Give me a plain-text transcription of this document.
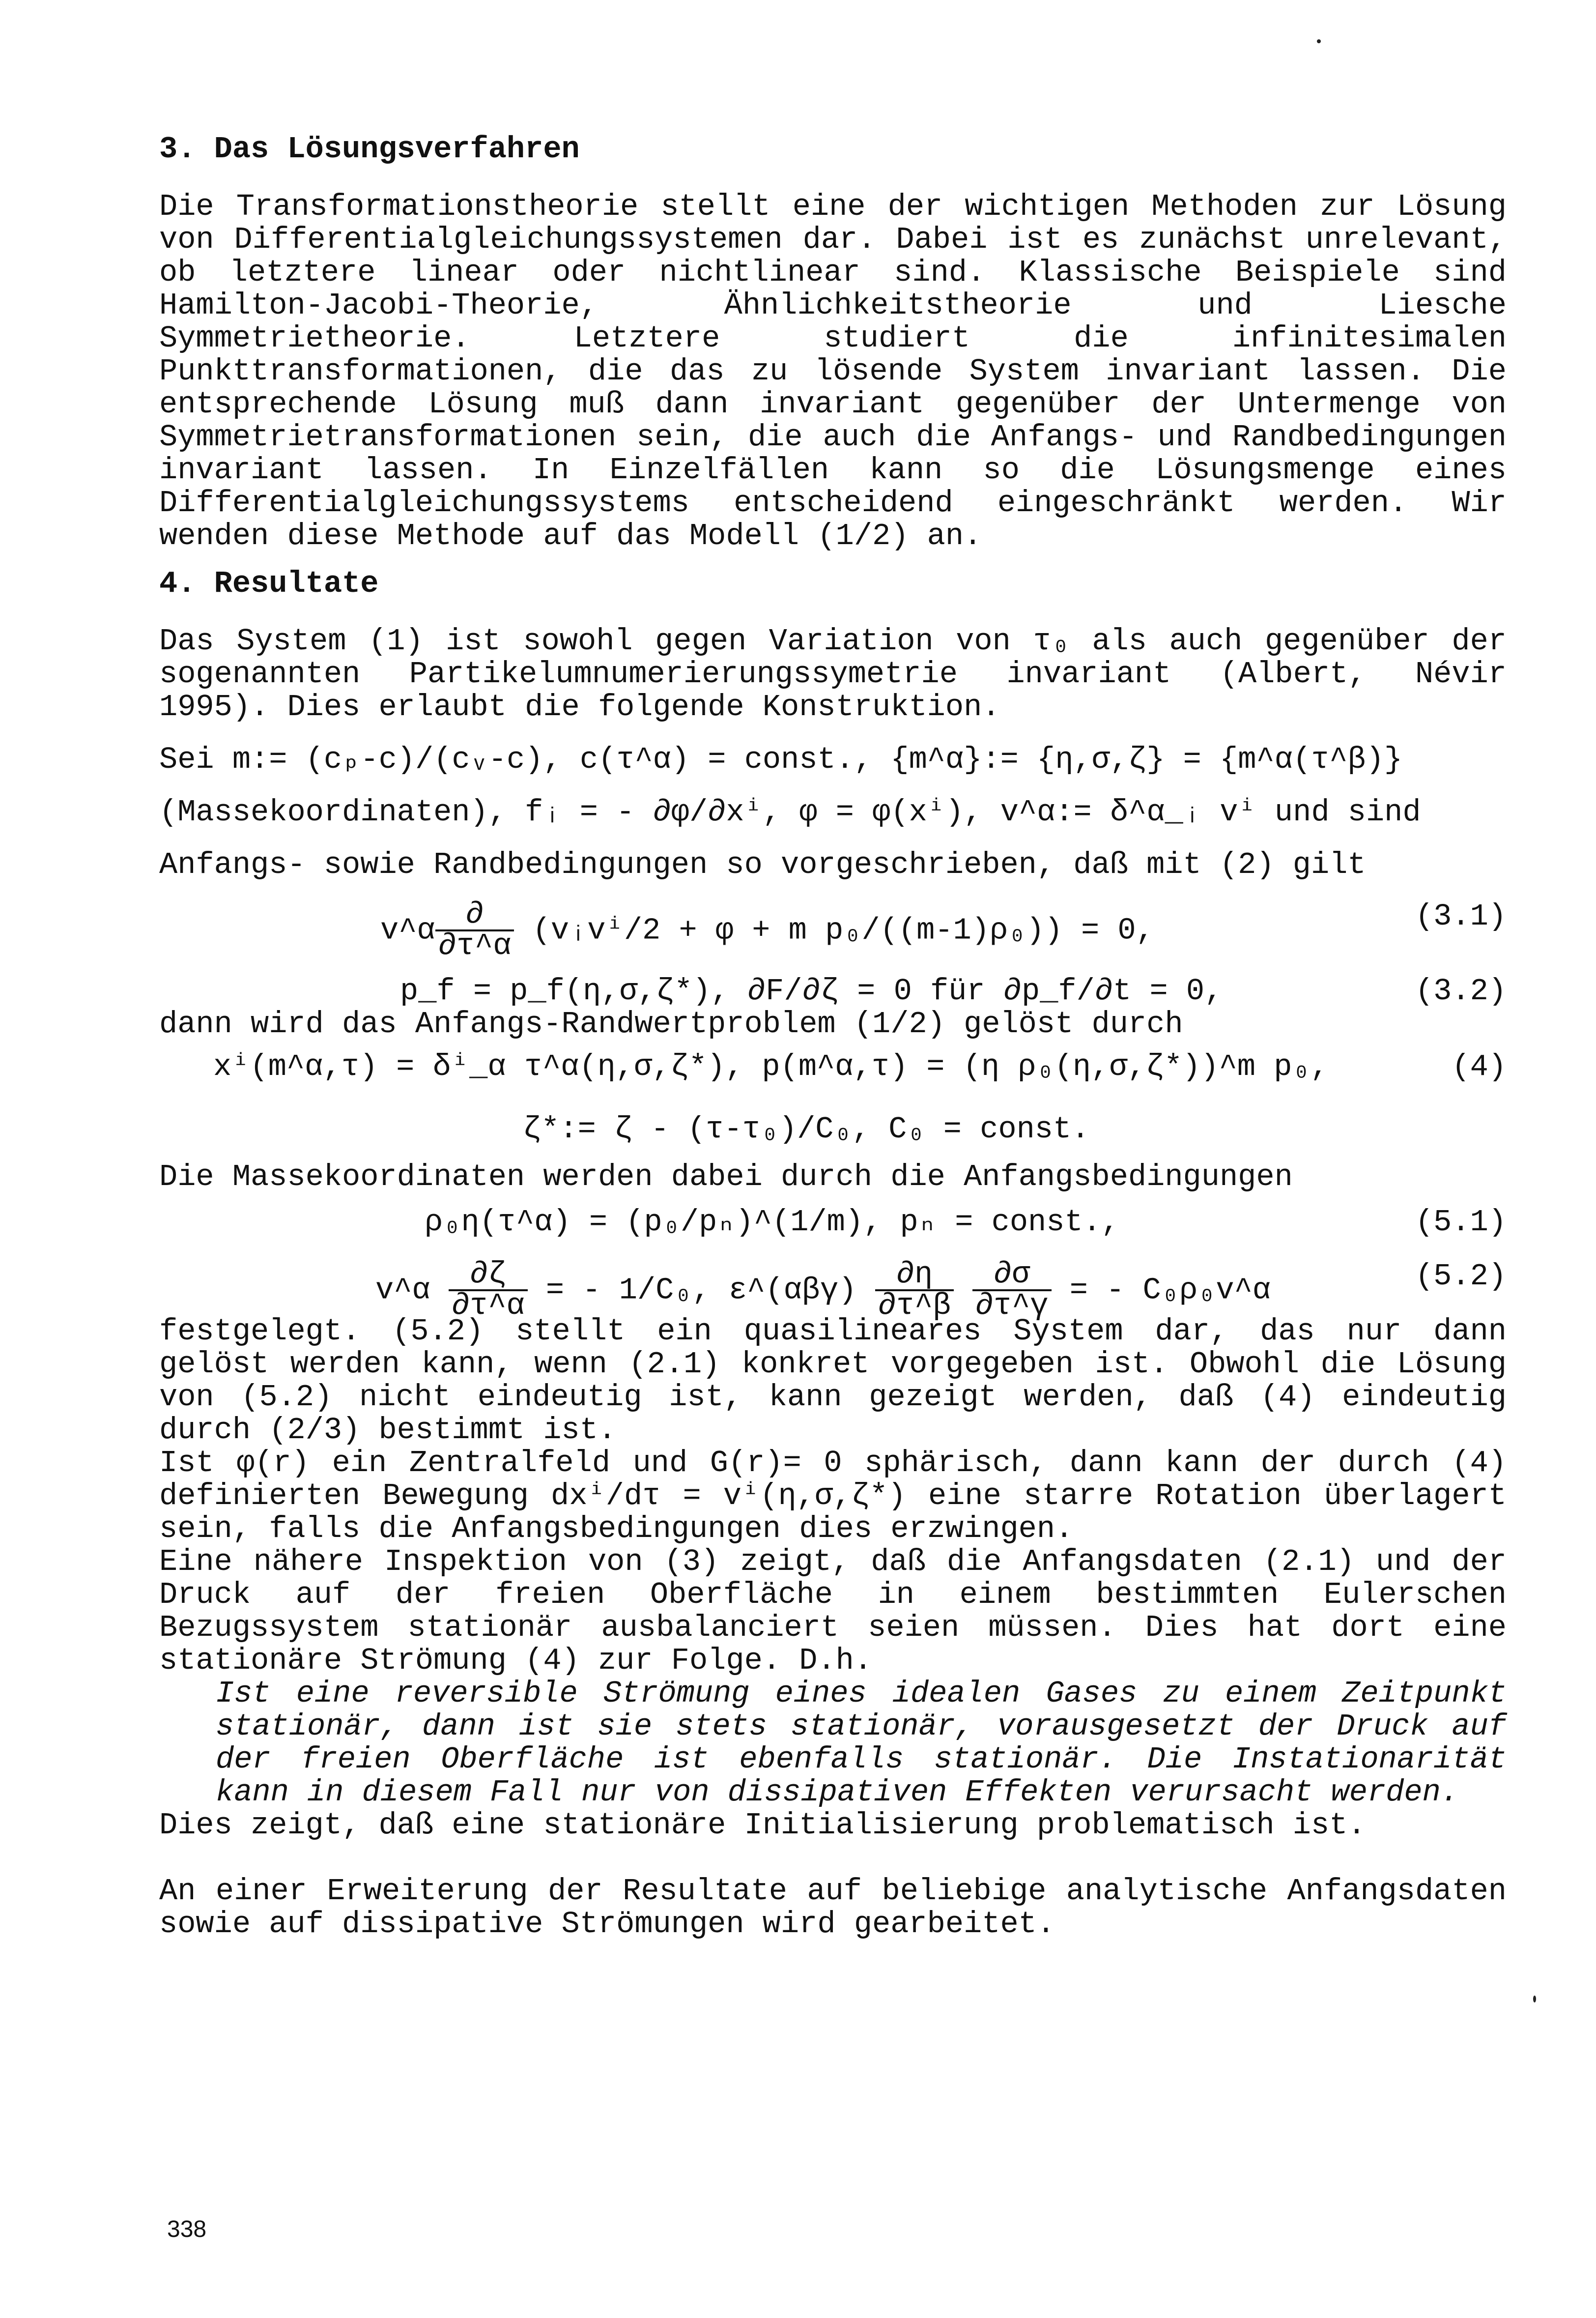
3. Das Lösungsverfahren

Die Transformationstheorie stellt eine der wichtigen Methoden zur Lösung von Differentialgleichungssystemen dar. Dabei ist es zunächst unrelevant, ob letztere linear oder nichtlinear sind. Klassische Beispiele sind Hamilton-Jacobi-Theorie, Ähnlichkeitstheorie und Liesche Symmetrietheorie. Letztere studiert die infinitesimalen Punkttransformationen, die das zu lösende System invariant lassen. Die entsprechende Lösung muß dann invariant gegenüber der Untermenge von Symmetrietransformationen sein, die auch die Anfangs- und Randbedingungen invariant lassen. In Einzelfällen kann so die Lösungsmenge eines Differentialgleichungssystems entscheidend eingeschränkt werden. Wir wenden diese Methode auf das Modell (1/2) an.

4. Resultate

Das System (1) ist sowohl gegen Variation von τ₀ als auch gegenüber der sogenannten Partikelumnumerierungssymetrie invariant (Albert, Névir 1995). Dies erlaubt die folgende Konstruktion.

Sei m:= (cₚ-c)/(cᵥ-c), c(τ^α) = const., {m^α}:= {η,σ,ζ} = {m^α(τ^β)}

(Massekoordinaten), fᵢ = - ∂φ/∂xⁱ, φ = φ(xⁱ), v^α:= δ^α_ᵢ vⁱ und sind

Anfangs- sowie Randbedingungen so vorgeschrieben, daß mit (2) gilt

v^α $\frac{\partial}{\partial\tau\^{}\alpha}$ (vᵢvⁱ/2 + φ + m p₀/((m-1)ρ₀)) = 0,	(3.1)
p_f = p_f(η,σ,ζ*), ∂F/∂ζ = 0 für ∂p_f/∂t = 0,	(3.2)

dann wird das Anfangs-Randwertproblem (1/2) gelöst durch

xⁱ(m^α,τ) = δⁱ_α τ^α(η,σ,ζ*), p(m^α,τ) = (η ρ₀(η,σ,ζ*))^m p₀,	(4)
ζ*:= ζ - (τ-τ₀)/C₀, C₀ = const.

Die Massekoordinaten werden dabei durch die Anfangsbedingungen

ρ₀η(τ^α) = (p₀/pₙ)^(1/m), pₙ = const.,	(5.1)
v^α $\frac{\partial\zeta}{\partial\tau\^{}\alpha}$ = - 1/C₀, ε^(αβγ) $\frac{\partial\eta}{\partial\tau\^{}\beta}$
$\frac{\partial\sigma}{\partial\tau\^{}\gamma}$ = - C₀ρ₀v^α	(5.2)

festgelegt. (5.2) stellt ein quasilineares System dar, das nur dann gelöst werden kann, wenn (2.1) konkret vorgegeben ist. Obwohl die Lösung von (5.2) nicht eindeutig ist, kann gezeigt werden, daß (4) eindeutig durch (2/3) bestimmt ist.

Ist φ(r) ein Zentralfeld und G(r)= 0 sphärisch, dann kann der durch (4) definierten Bewegung dxⁱ/dτ = vⁱ(η,σ,ζ*) eine starre Rotation überlagert sein, falls die Anfangsbedingungen dies erzwingen.

Eine nähere Inspektion von (3) zeigt, daß die Anfangsdaten (2.1) und der Druck auf der freien Oberfläche in einem bestimmten Eulerschen Bezugssystem stationär ausbalanciert seien müssen. Dies hat dort eine stationäre Strömung (4) zur Folge. D.h.

Ist eine reversible Strömung eines idealen Gases zu einem Zeitpunkt stationär, dann ist sie stets stationär, vorausgesetzt der Druck auf der freien Oberfläche ist ebenfalls stationär. Die Instationarität kann in diesem Fall nur von dissipativen Effekten verursacht werden.

Dies zeigt, daß eine stationäre Initialisierung problematisch ist.

An einer Erweiterung der Resultate auf beliebige analytische Anfangsdaten sowie auf dissipative Strömungen wird gearbeitet.

338
